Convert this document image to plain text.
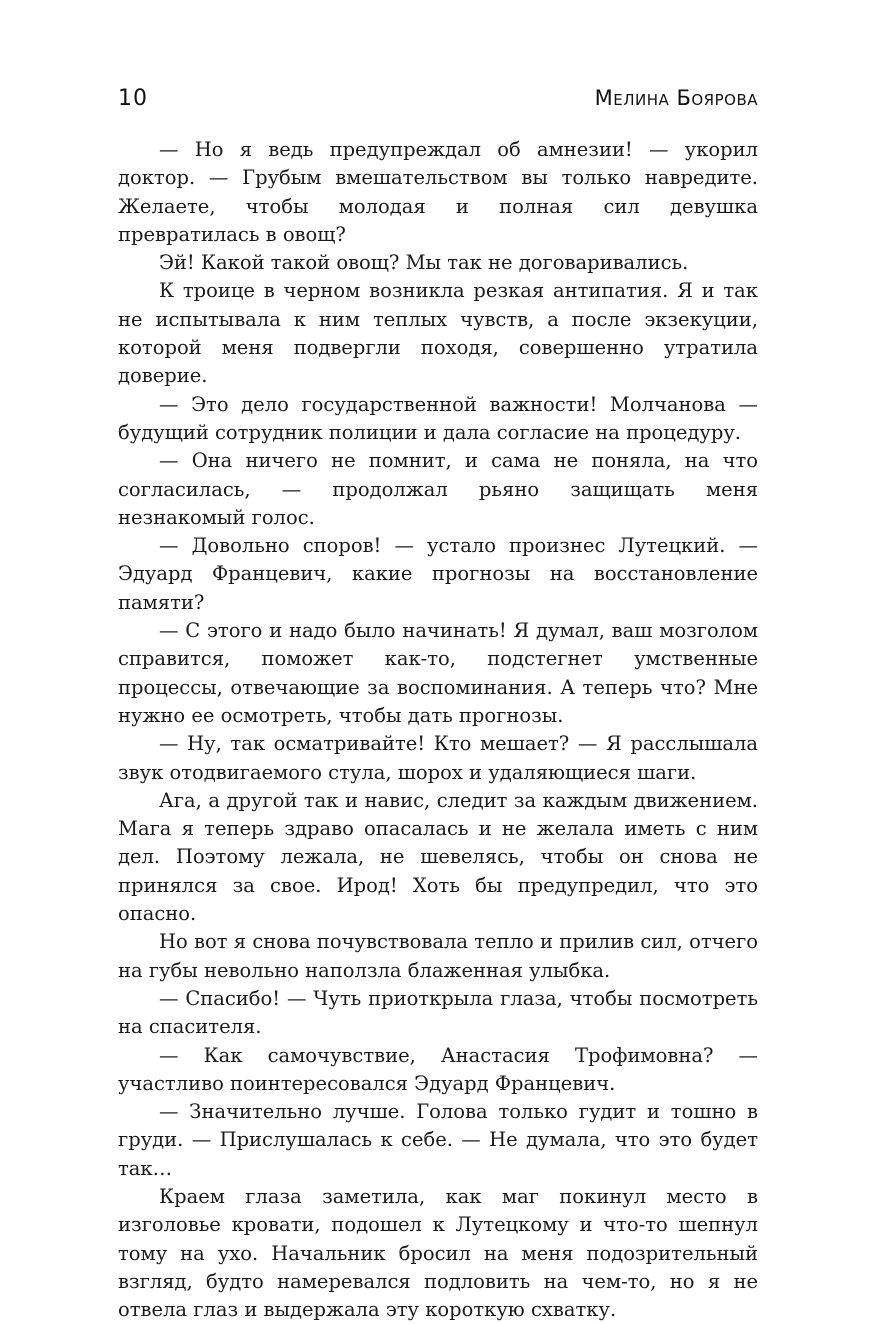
10	Мелина Боярова

— Но я ведь предупреждал об амнезии! — укорил доктор. — Грубым вмешательством вы только навредите. Желаете, чтобы молодая и полная сил девушка превратилась в овощ?

Эй! Какой такой овощ? Мы так не договаривались.

К троице в черном возникла резкая антипатия. Я и так не испытывала к ним теплых чувств, а после экзекуции, которой меня подвергли походя, совершенно утратила доверие.

— Это дело государственной важности! Молчанова — будущий сотрудник полиции и дала согласие на процедуру.

— Она ничего не помнит, и сама не поняла, на что согласилась, — продолжал рьяно защищать меня незнакомый голос.

— Довольно споров! — устало произнес Лутецкий. — Эдуард Францевич, какие прогнозы на восстановление памяти?

— С этого и надо было начинать! Я думал, ваш мозголом справится, поможет как-то, подстегнет умственные процессы, отвечающие за воспоминания. А теперь что? Мне нужно ее осмотреть, чтобы дать прогнозы.

— Ну, так осматривайте! Кто мешает? — Я расслышала звук отодвигаемого стула, шорох и удаляющиеся шаги.

Ага, а другой так и навис, следит за каждым движением. Мага я теперь здраво опасалась и не желала иметь с ним дел. Поэтому лежала, не шевелясь, чтобы он снова не принялся за свое. Ирод! Хоть бы предупредил, что это опасно.

Но вот я снова почувствовала тепло и прилив сил, отчего на губы невольно наползла блаженная улыбка.

— Спасибо! — Чуть приоткрыла глаза, чтобы посмотреть на спасителя.

— Как самочувствие, Анастасия Трофимовна? — участливо поинтересовался Эдуард Францевич.

— Значительно лучше. Голова только гудит и тошно в груди. — Прислушалась к себе. — Не думала, что это будет так…

Краем глаза заметила, как маг покинул место в изголовье кровати, подошел к Лутецкому и что-то шепнул тому на ухо. Начальник бросил на меня подозрительный взгляд, будто намеревался подловить на чем-то, но я не отвела глаз и выдержала эту короткую схватку.
